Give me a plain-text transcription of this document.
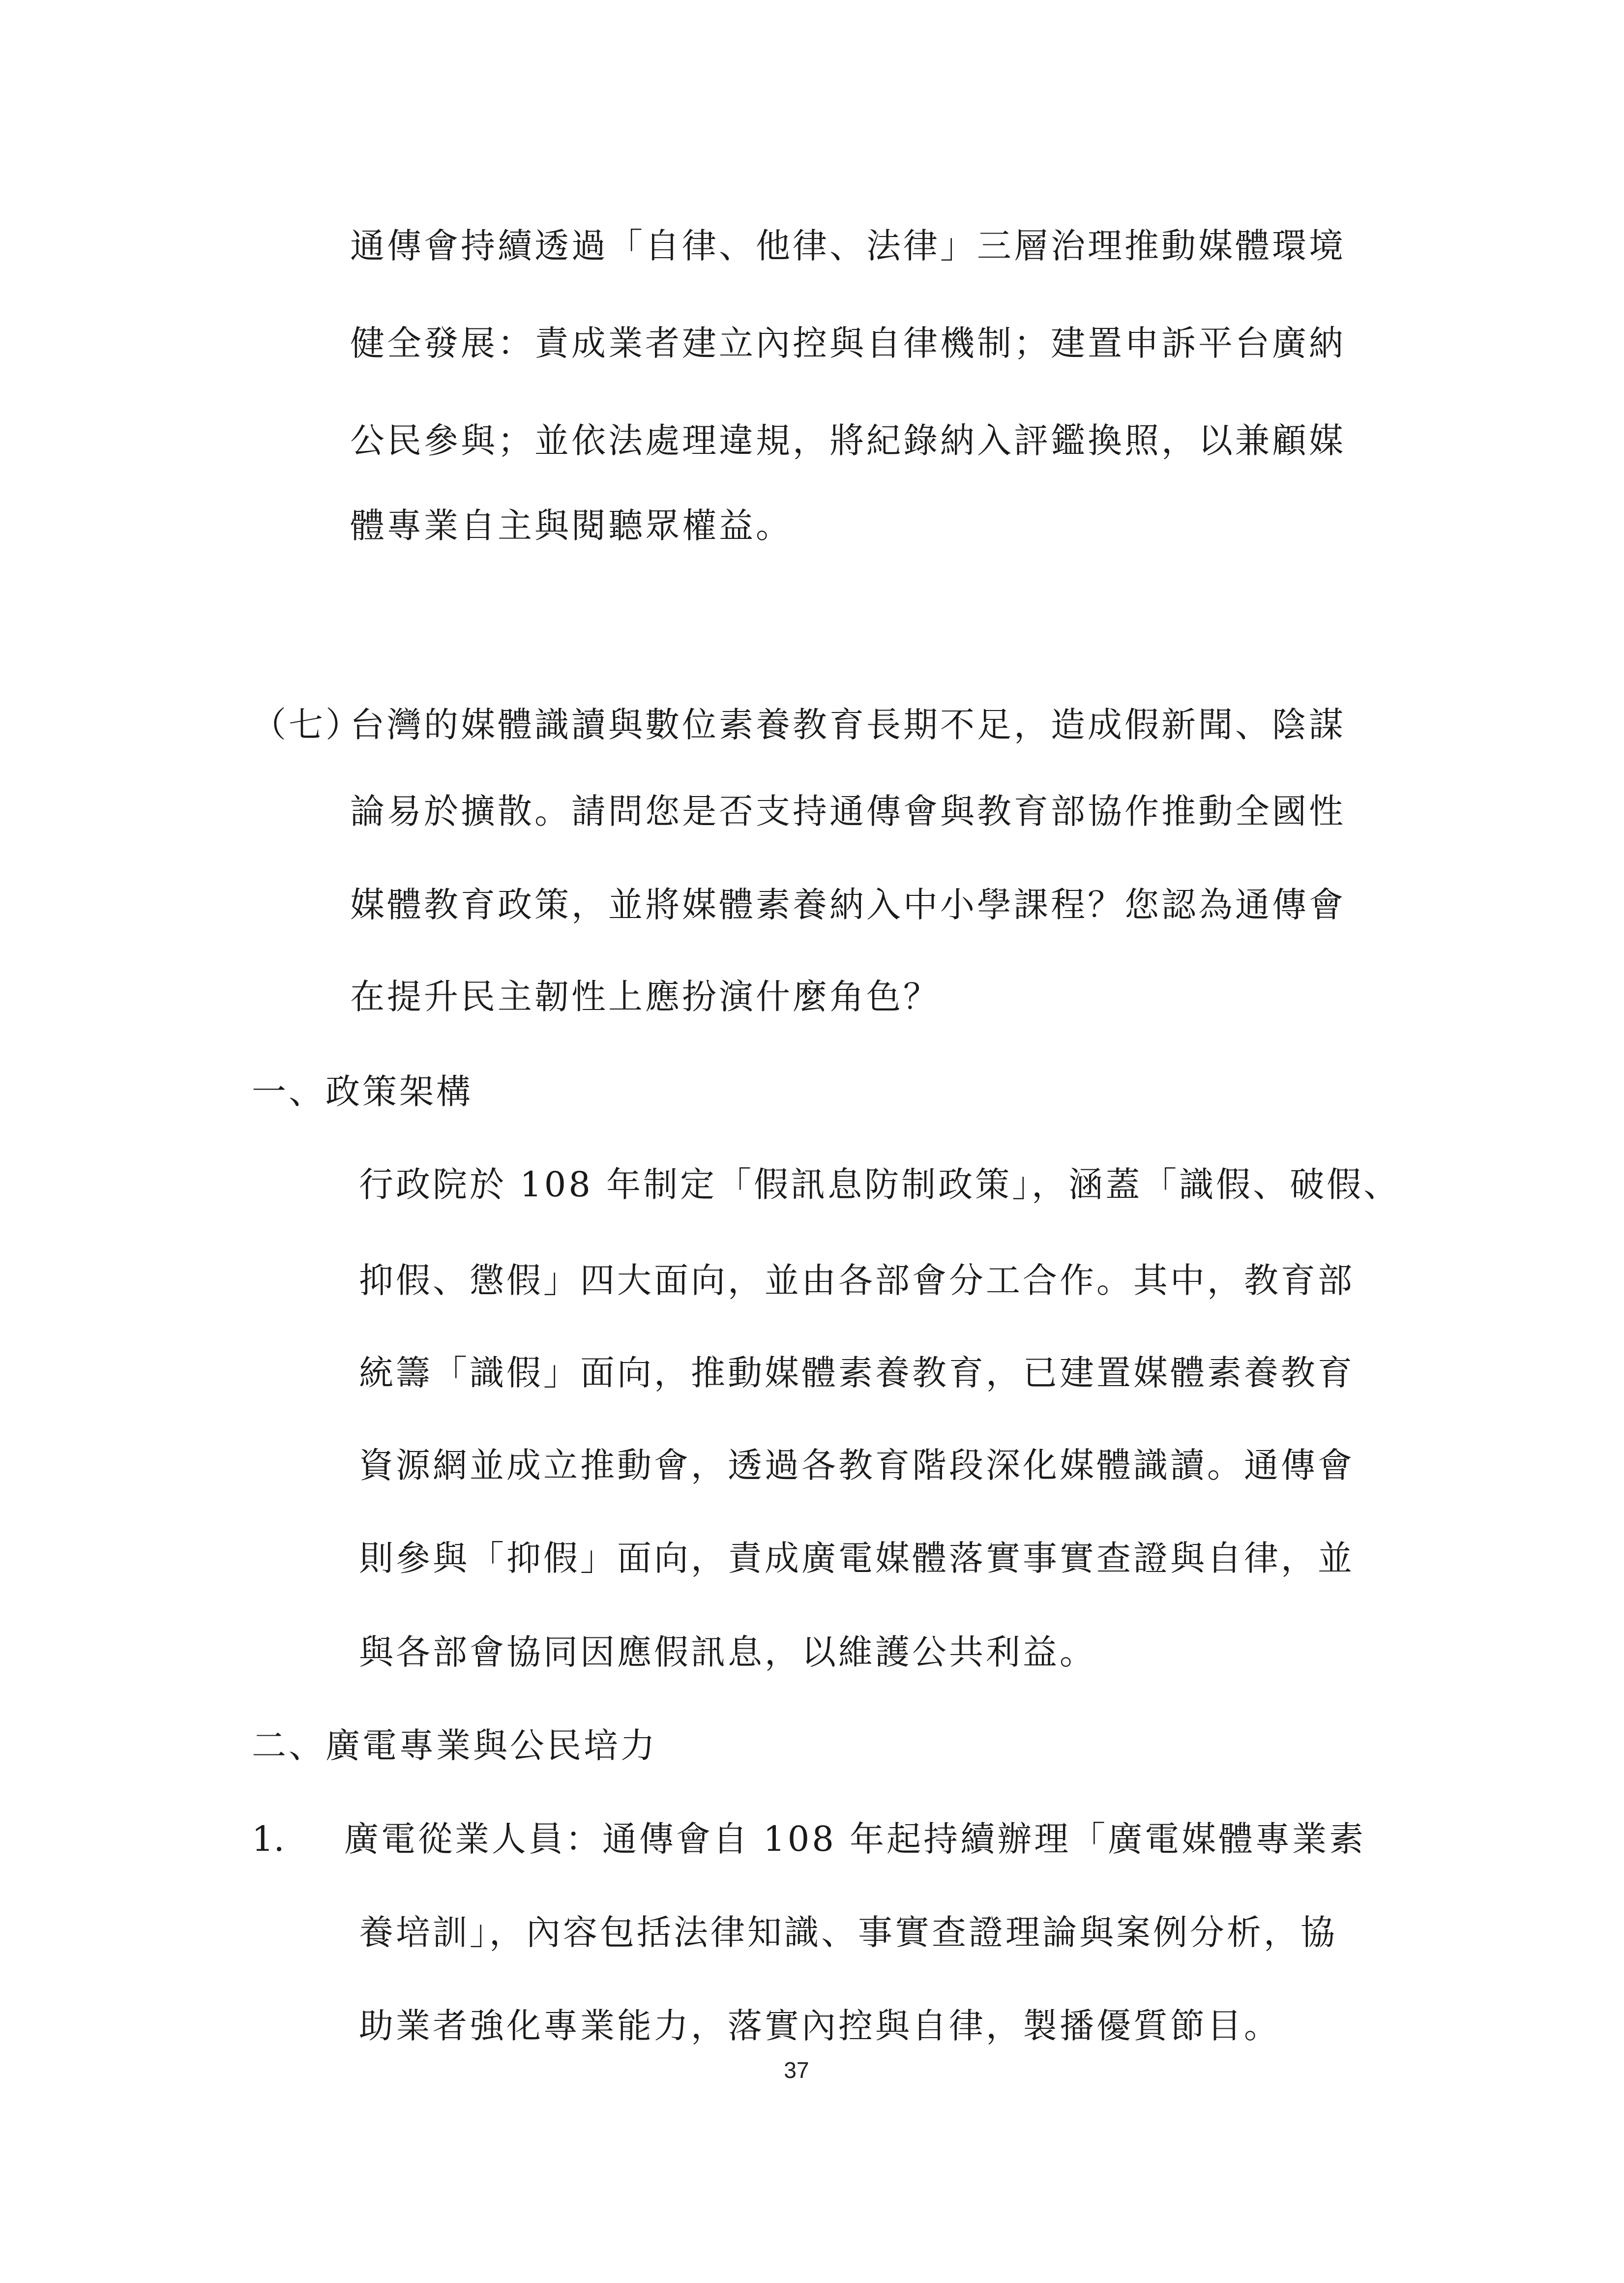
通傳會持續透過「自律、他律、法律」三層治理推動媒體環境
健全發展：責成業者建立內控與自律機制；建置申訴平台廣納
公民參與；並依法處理違規，將紀錄納入評鑑換照，以兼顧媒
體專業自主與閱聽眾權益。
（七）
台灣的媒體識讀與數位素養教育長期不足，造成假新聞、陰謀
論易於擴散。請問您是否支持通傳會與教育部協作推動全國性
媒體教育政策，並將媒體素養納入中小學課程？您認為通傳會
在提升民主韌性上應扮演什麼角色？
一、政策架構
行政院於 108 年制定「假訊息防制政策」，涵蓋「識假、破假、
抑假、懲假」四大面向，並由各部會分工合作。其中，教育部
統籌「識假」面向，推動媒體素養教育，已建置媒體素養教育
資源網並成立推動會，透過各教育階段深化媒體識讀。通傳會
則參與「抑假」面向，責成廣電媒體落實事實查證與自律，並
與各部會協同因應假訊息，以維護公共利益。
二、廣電專業與公民培力
1. 廣電從業人員：通傳會自 108 年起持續辦理「廣電媒體專業素
養培訓」，內容包括法律知識、事實查證理論與案例分析，協
助業者強化專業能力，落實內控與自律，製播優質節目。
37
